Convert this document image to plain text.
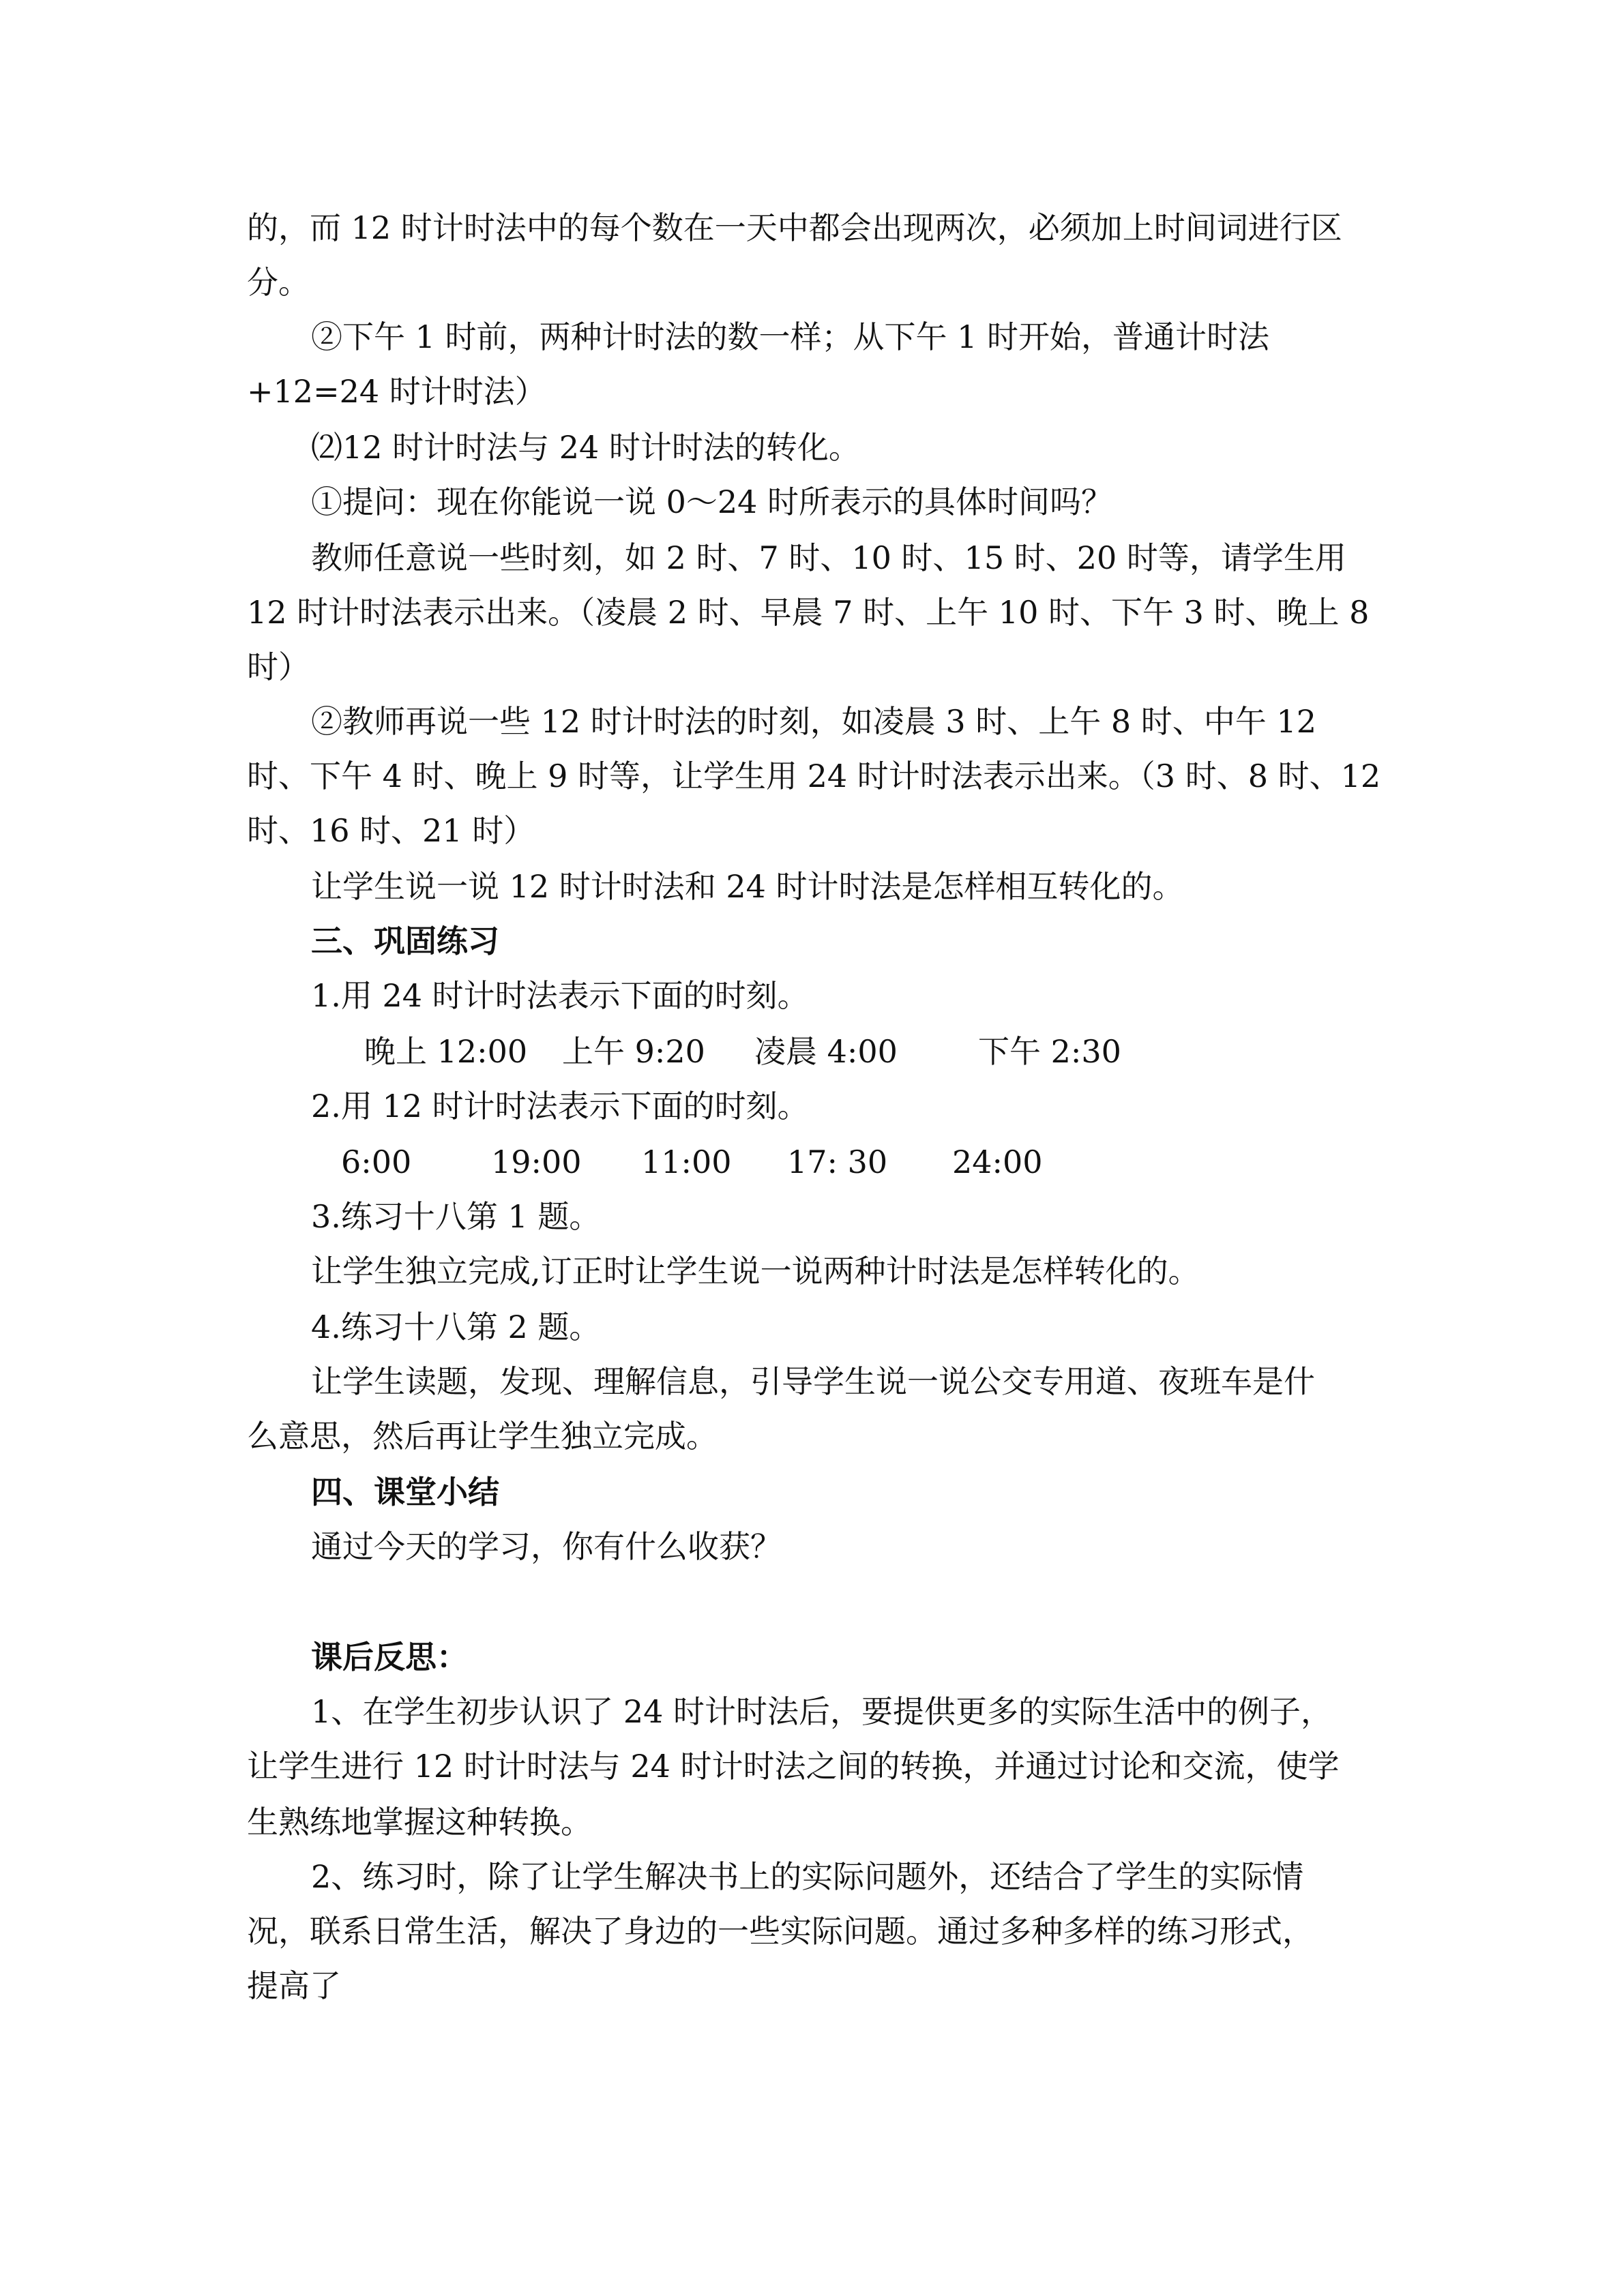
的，而 12 时计时法中的每个数在一天中都会出现两次，必须加上时间词进行区
分。
②下午 1 时前，两种计时法的数一样；从下午 1 时开始，普通计时法
+12=24 时计时法）
⑵12 时计时法与 24 时计时法的转化。
①提问：现在你能说一说 0～24 时所表示的具体时间吗？
教师任意说一些时刻，如 2 时、7 时、10 时、15 时、20 时等，请学生用
12 时计时法表示出来。（凌晨 2 时、早晨 7 时、上午 10 时、下午 3 时、晚上 8
时）
②教师再说一些 12 时计时法的时刻，如凌晨 3 时、上午 8 时、中午 12
时、下午 4 时、晚上 9 时等，让学生用 24 时计时法表示出来。（3 时、8 时、12
时、16 时、21 时）
让学生说一说 12 时计时法和 24 时计时法是怎样相互转化的。
三、巩固练习
1.用 24 时计时法表示下面的时刻。
晚上 12:00 上午 9:20 凌晨 4:00	下午 2:30
2.用 12 时计时法表示下面的时刻。
6:00	19:00 11:00 17: 30 24:00
3.练习十八第 1 题。
让学生独立完成,订正时让学生说一说两种计时法是怎样转化的。
4.练习十八第 2 题。
让学生读题，发现、理解信息，引导学生说一说公交专用道、夜班车是什
么意思，然后再让学生独立完成。
四、课堂小结
通过今天的学习，你有什么收获？
课后反思：
1、在学生初步认识了 24 时计时法后，要提供更多的实际生活中的例子，
让学生进行 12 时计时法与 24 时计时法之间的转换，并通过讨论和交流，使学
生熟练地掌握这种转换。
2、练习时，除了让学生解决书上的实际问题外，还结合了学生的实际情
况，联系日常生活，解决了身边的一些实际问题。通过多种多样的练习形式，
提高了
